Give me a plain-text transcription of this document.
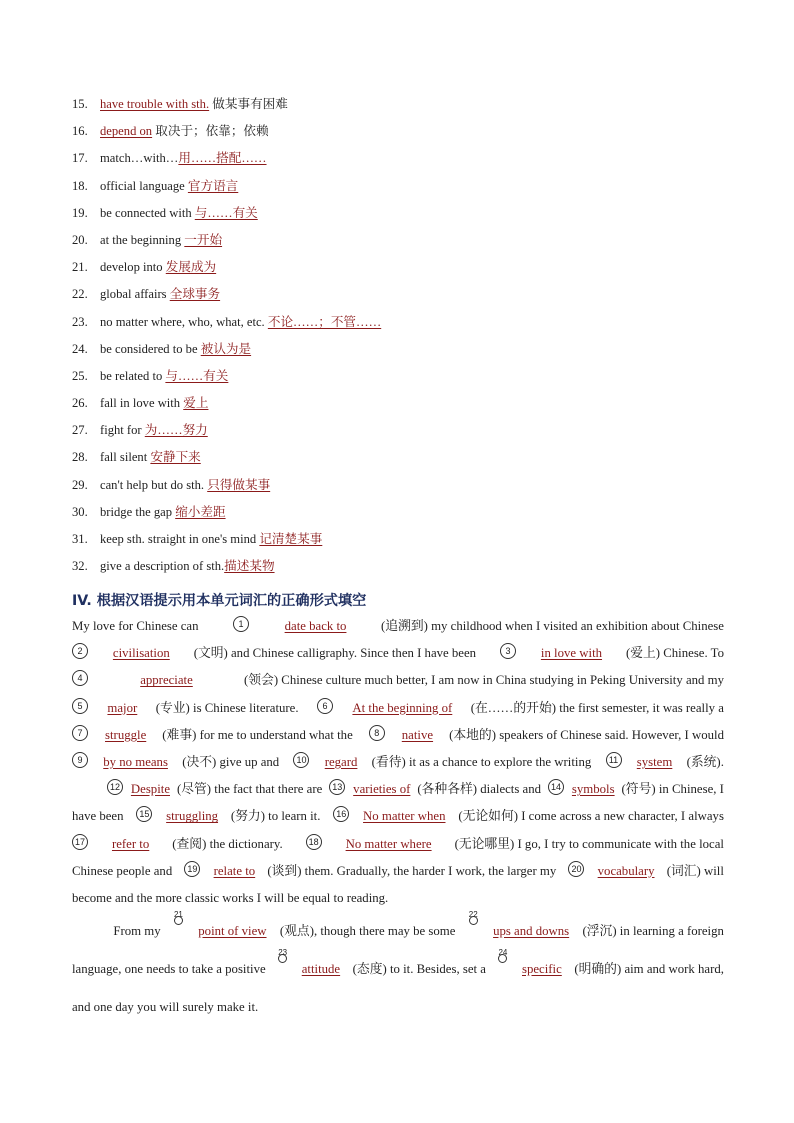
15. have trouble with sth. 做某事有困难
16. depend on 取决于；依靠；依赖
17. match…with…用……搭配……
18. official language 官方语言
19. be connected with 与……有关
20. at the beginning 一开始
21. develop into 发展成为
22. global affairs 全球事务
23. no matter where, who, what, etc. 不论……；不管……
24. be considered to be 被认为是
25. be related to 与……有关
26. fall in love with 爱上
27. fight for 为……努力
28. fall silent 安静下来
29. can't help but do sth. 只得做某事
30. bridge the gap 缩小差距
31. keep sth. straight in one's mind 记清楚某事
32. give a description of sth.描述某物
IV. 根据汉语提示用本单元词汇的正确形式填空
My love for Chinese can	1	date back to	(追溯到) my childhood when I visited an exhibition about Chinese
2	civilisation (文明) and Chinese calligraphy. Since then I have been	3	in love with (爱上) Chinese. To
4	appreciate	(领会) Chinese culture much better, I am now in China studying in Peking University and my
5	major (专业) is Chinese literature.	6	At the beginning of (在……的开始) the first semester, it was really a
7	struggle (难事) for me to understand what the	8	native (本地的) speakers of Chinese said. However, I would
9	by no means (决不) give up and	10 regard (看待) it as a chance to explore the writing	11 system (系统).
12 Despite (尽管) the fact that there are	13 varieties of (各种各样) dialects and	14 symbols (符号) in Chinese, I
have been	15 struggling (努力) to learn it.	16 No matter when (无论如何) I come across a new character, I always
17 refer to (查阅) the dictionary.	18 No matter where (无论哪里) I go, I try to communicate with the local
Chinese people and	19 relate to (谈到) them. Gradually, the harder I work, the larger my	20 vocabulary (词汇) will
become and the more classic works I will be equal to reading.
From my
21
point of view (观点), though there may be some
22
ups and downs (浮沉) in learning a foreign
language, one needs to take a positive
23
attitude (态度) to it. Besides, set a
24
specific (明确的) aim and work hard,
and one day you will surely make it.
